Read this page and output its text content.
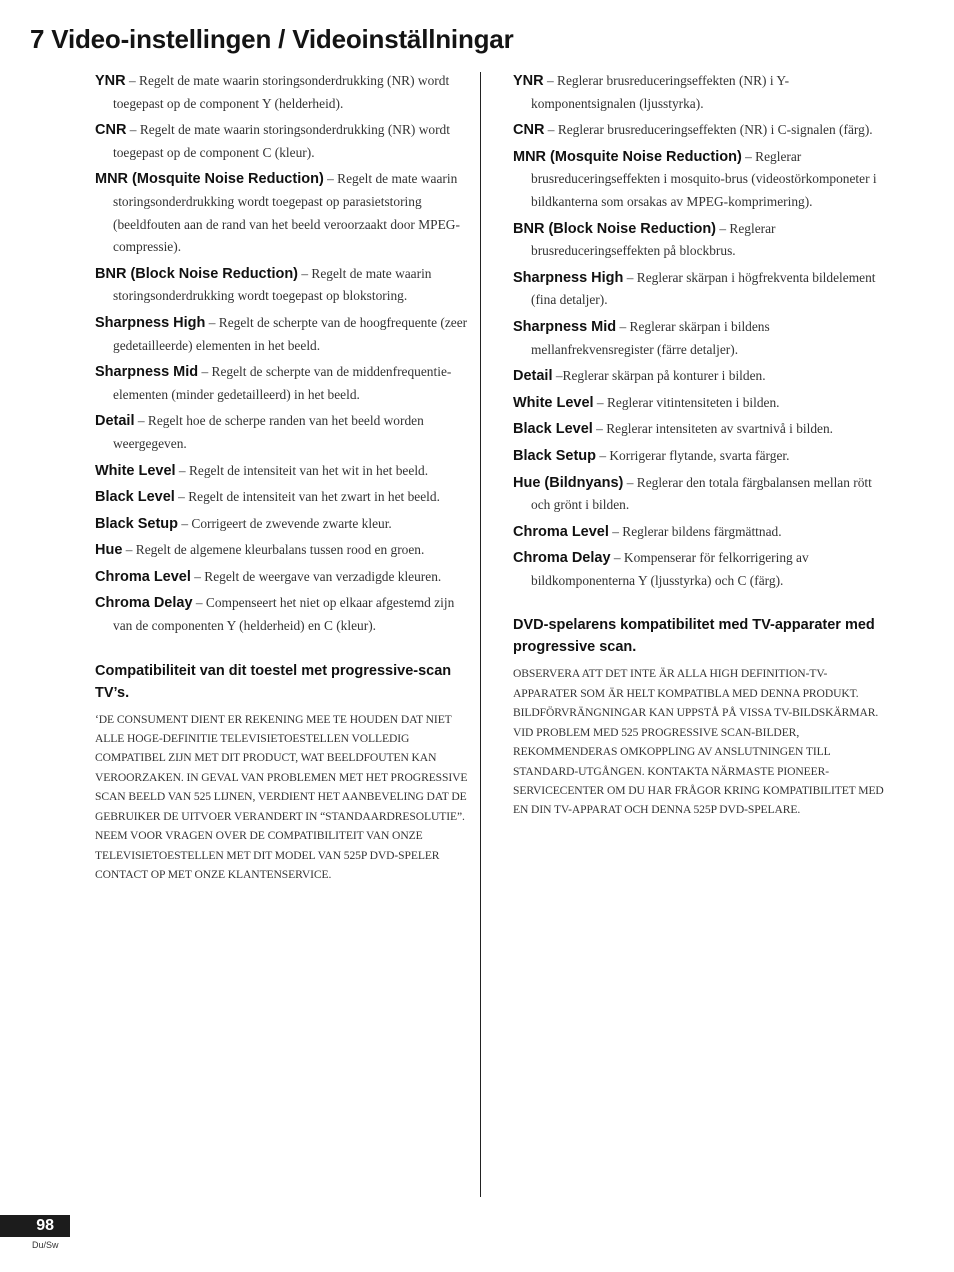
7 Video-instellingen / Videoinställningar

YNR – Regelt de mate waarin storingsonderdrukking (NR) wordt toegepast op de component Y (helderheid).

CNR – Regelt de mate waarin storingsonderdrukking (NR) wordt toegepast op de component C (kleur).

MNR (Mosquite Noise Reduction) – Regelt de mate waarin storingsonderdrukking wordt toegepast op parasietstoring (beeldfouten aan de rand van het beeld veroorzaakt door MPEG-compressie).

BNR (Block Noise Reduction) – Regelt de mate waarin storingsonderdrukking wordt toegepast op blokstoring.

Sharpness High – Regelt de scherpte van de hoogfrequente (zeer gedetailleerde) elementen in het beeld.

Sharpness Mid – Regelt de scherpte van de middenfrequentie-elementen (minder gedetailleerd) in het beeld.

Detail – Regelt hoe de scherpe randen van het beeld worden weergegeven.

White Level – Regelt de intensiteit van het wit in het beeld.

Black Level – Regelt de intensiteit van het zwart in het beeld.

Black Setup – Corrigeert de zwevende zwarte kleur.

Hue – Regelt de algemene kleurbalans tussen rood en groen.

Chroma Level – Regelt de weergave van verzadigde kleuren.

Chroma Delay – Compenseert het niet op elkaar afgestemd zijn van de componenten Y (helderheid) en C (kleur).

Compatibiliteit van dit toestel met progressive-scan TV’s.

‘DE CONSUMENT DIENT ER REKENING MEE TE HOUDEN DAT NIET ALLE HOGE-DEFINITIE TELEVISIETOESTELLEN VOLLEDIG COMPATIBEL ZIJN MET DIT PRODUCT, WAT BEELDFOUTEN KAN VEROORZAKEN. IN GEVAL VAN PROBLEMEN MET HET PROGRESSIVE SCAN BEELD VAN 525 LIJNEN, VERDIENT HET AANBEVELING DAT DE GEBRUIKER DE UITVOER VERANDERT IN “STANDAARDRESOLUTIE”. NEEM VOOR VRAGEN OVER DE COMPATIBILITEIT VAN ONZE TELEVISIETOESTELLEN MET DIT MODEL VAN 525P DVD-SPELER CONTACT OP MET ONZE KLANTENSERVICE.

YNR – Reglerar brusreduceringseffekten (NR) i Y-komponentsignalen (ljusstyrka).

CNR – Reglerar brusreduceringseffekten (NR) i C-signalen (färg).

MNR (Mosquite Noise Reduction) – Reglerar brusreduceringseffekten i mosquito-brus (videostörkomponeter i bildkanterna som orsakas av MPEG-komprimering).

BNR (Block Noise Reduction) – Reglerar brusreduceringseffekten på blockbrus.

Sharpness High – Reglerar skärpan i högfrekventa bildelement (fina detaljer).

Sharpness Mid – Reglerar skärpan i bildens mellanfrekvensregister (färre detaljer).

Detail –Reglerar skärpan på konturer i bilden.

White Level – Reglerar vitintensiteten i bilden.

Black Level – Reglerar intensiteten av svartnivå i bilden.

Black Setup – Korrigerar flytande, svarta färger.

Hue (Bildnyans) – Reglerar den totala färgbalansen mellan rött och grönt i bilden.

Chroma Level – Reglerar bildens färgmättnad.

Chroma Delay – Kompenserar för felkorrigering av bildkomponenterna Y (ljusstyrka) och C (färg).

DVD-spelarens kompatibilitet med TV-apparater med progressive scan.

OBSERVERA ATT DET INTE ÄR ALLA HIGH DEFINITION-TV-APPARATER SOM ÄR HELT KOMPATIBLA MED DENNA PRODUKT. BILDFÖRVRÄNGNINGAR KAN UPPSTÅ PÅ VISSA TV-BILDSKÄRMAR. VID PROBLEM MED 525 PROGRESSIVE SCAN-BILDER, REKOMMENDERAS OMKOPPLING AV ANSLUTNINGEN TILL STANDARD-UTGÅNGEN. KONTAKTA NÄRMASTE PIONEER-SERVICECENTER OM DU HAR FRÅGOR KRING KOMPATIBILITET MED EN DIN TV-APPARAT OCH DENNA 525P DVD-SPELARE.

98
Du/Sw
